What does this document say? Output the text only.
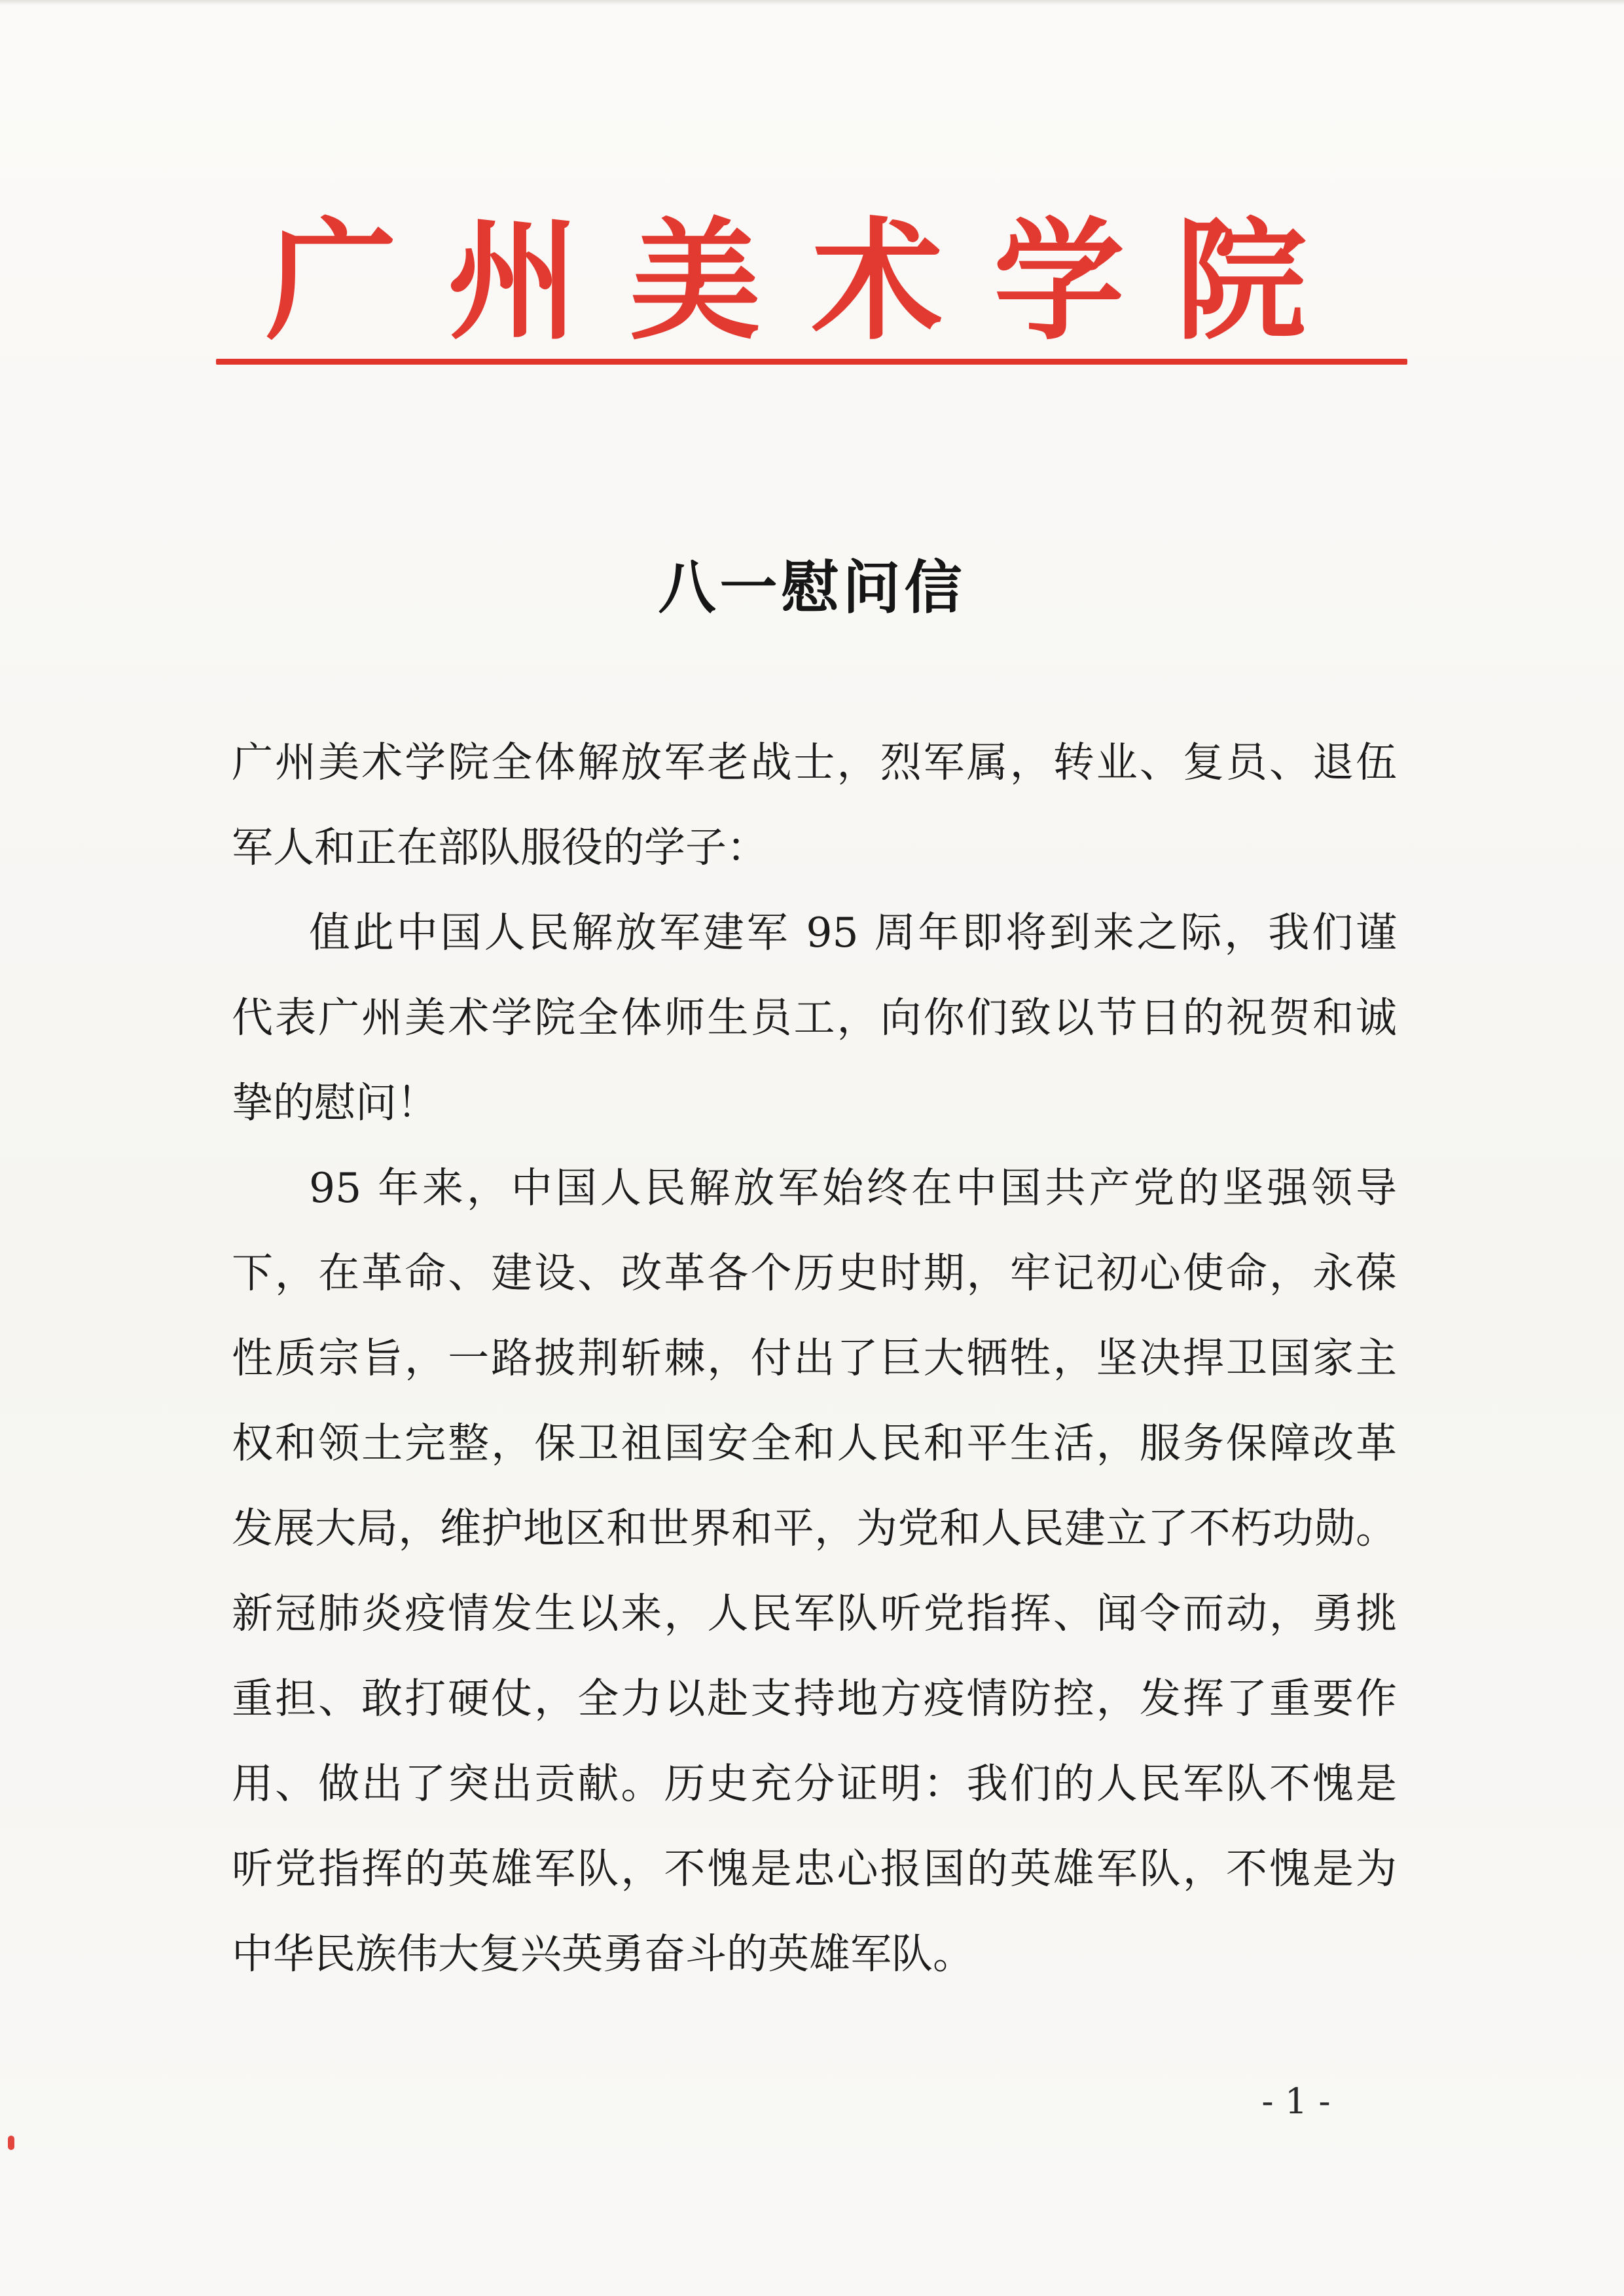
广州美术学院
八一慰问信
广州美术学院全体解放军老战士，烈军属，转业、复员、退伍
军人和正在部队服役的学子：
值此中国人民解放军建军 95 周年即将到来之际，我们谨
代表广州美术学院全体师生员工，向你们致以节日的祝贺和诚
挚的慰问！
95 年来，中国人民解放军始终在中国共产党的坚强领导
下，在革命、建设、改革各个历史时期，牢记初心使命，永葆
性质宗旨，一路披荆斩棘，付出了巨大牺牲，坚决捍卫国家主
权和领土完整，保卫祖国安全和人民和平生活，服务保障改革
发展大局，维护地区和世界和平，为党和人民建立了不朽功勋。
新冠肺炎疫情发生以来，人民军队听党指挥、闻令而动，勇挑
重担、敢打硬仗，全力以赴支持地方疫情防控，发挥了重要作
用、做出了突出贡献。历史充分证明：我们的人民军队不愧是
听党指挥的英雄军队，不愧是忠心报国的英雄军队，不愧是为
中华民族伟大复兴英勇奋斗的英雄军队。
- 1 -
